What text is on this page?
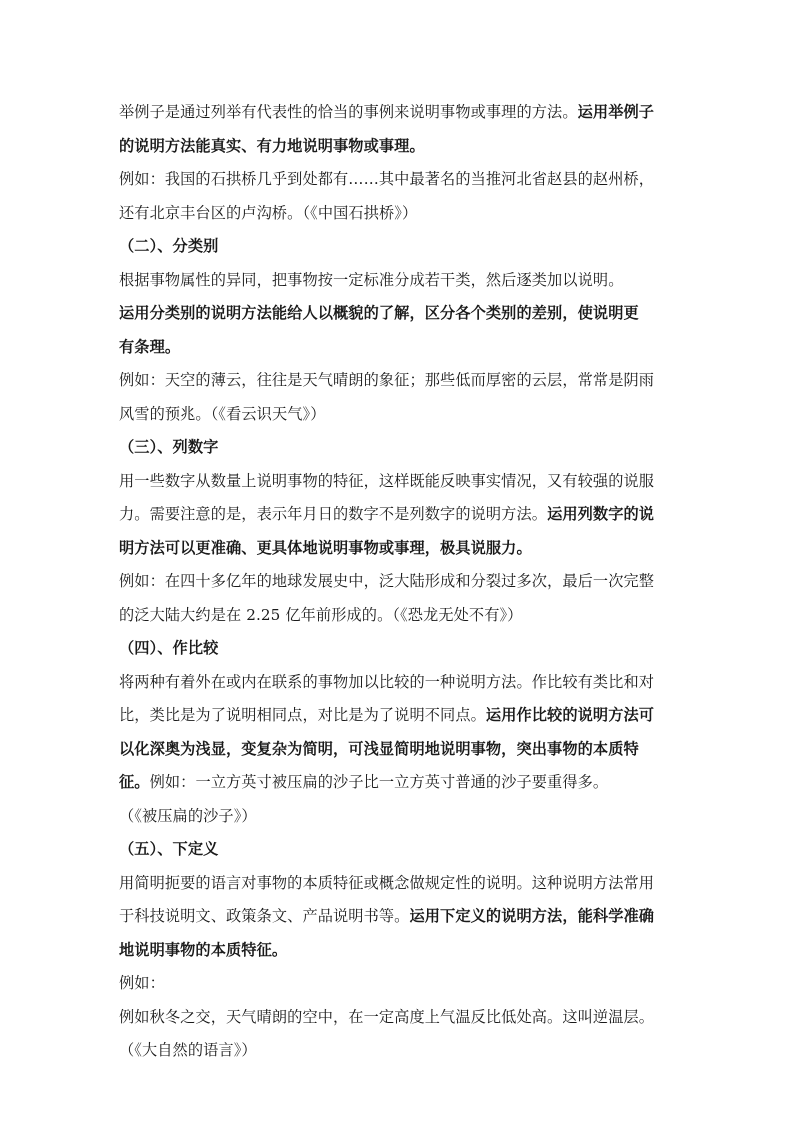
举例子是通过列举有代表性的恰当的事例来说明事物或事理的方法。运用举例子
的说明方法能真实、有力地说明事物或事理。
例如：我国的石拱桥几乎到处都有……其中最著名的当推河北省赵县的赵州桥，
还有北京丰台区的卢沟桥。（《中国石拱桥》）
（二）、分类别
根据事物属性的异同，把事物按一定标准分成若干类，然后逐类加以说明。
运用分类别的说明方法能给人以概貌的了解，区分各个类别的差别，使说明更
有条理。
例如：天空的薄云，往往是天气晴朗的象征；那些低而厚密的云层，常常是阴雨
风雪的预兆。（《看云识天气》）
（三）、列数字
用一些数字从数量上说明事物的特征，这样既能反映事实情况，又有较强的说服
力。需要注意的是，表示年月日的数字不是列数字的说明方法。运用列数字的说
明方法可以更准确、更具体地说明事物或事理，极具说服力。
例如：在四十多亿年的地球发展史中，泛大陆形成和分裂过多次，最后一次完整
的泛大陆大约是在 2.25 亿年前形成的。（《恐龙无处不有》）
（四）、作比较
将两种有着外在或内在联系的事物加以比较的一种说明方法。作比较有类比和对
比，类比是为了说明相同点，对比是为了说明不同点。运用作比较的说明方法可
以化深奥为浅显，变复杂为简明，可浅显简明地说明事物，突出事物的本质特
征。例如：一立方英寸被压扁的沙子比一立方英寸普通的沙子要重得多。
（《被压扁的沙子》）
（五）、下定义
用简明扼要的语言对事物的本质特征或概念做规定性的说明。这种说明方法常用
于科技说明文、政策条文、产品说明书等。运用下定义的说明方法，能科学准确
地说明事物的本质特征。
例如：
例如秋冬之交，天气晴朗的空中，在一定高度上气温反比低处高。这叫逆温层。
（《大自然的语言》）
